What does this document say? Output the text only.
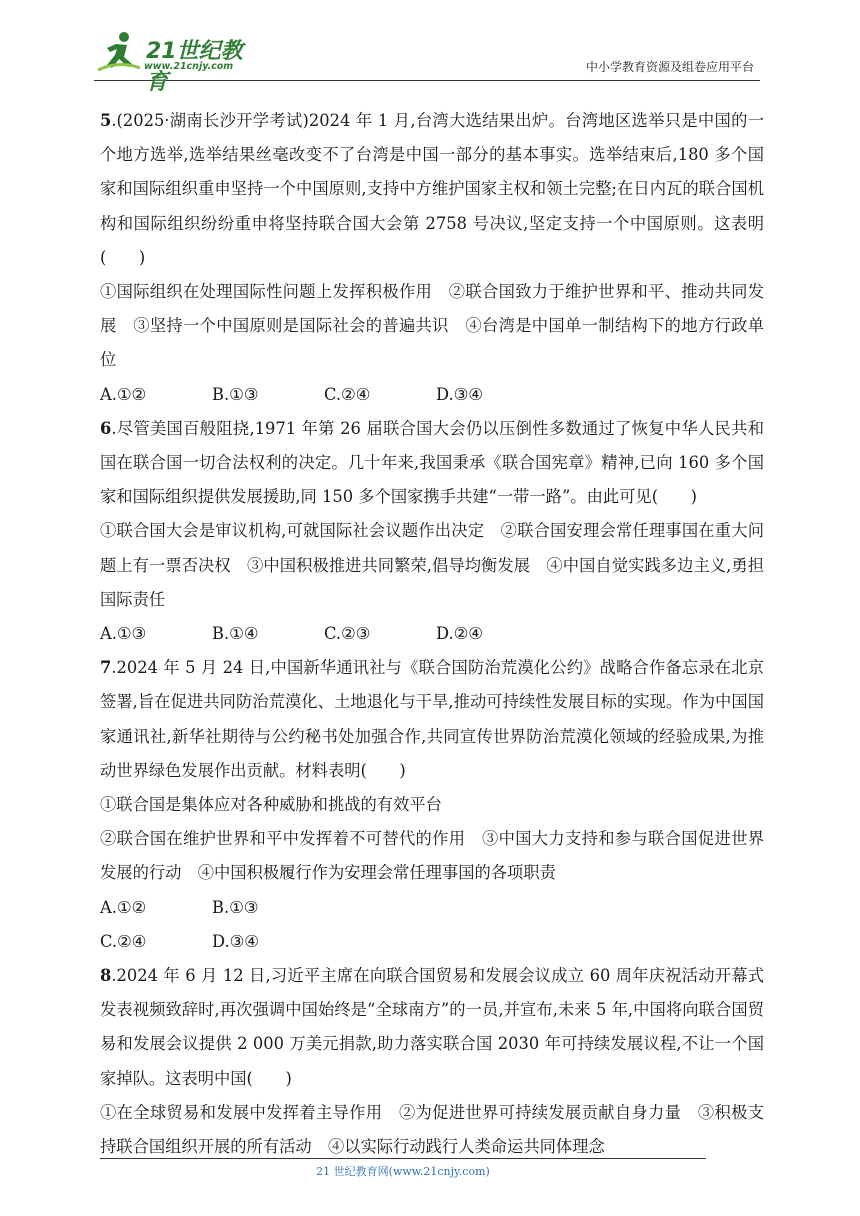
21世纪教育
www.21cnjy.com	中小学教育资源及组卷应用平台

5.(2025·湖南长沙开学考试)2024 年 1 月,台湾大选结果出炉。台湾地区选举只是中国的一个地方选举,选举结果丝毫改变不了台湾是中国一部分的基本事实。选举结束后,180 多个国家和国际组织重申坚持一个中国原则,支持中方维护国家主权和领土完整;在日内瓦的联合国机构和国际组织纷纷重申将坚持联合国大会第 2758 号决议,坚定支持一个中国原则。这表明(　　)

①国际组织在处理国际性问题上发挥积极作用　②联合国致力于维护世界和平、推动共同发展　③坚持一个中国原则是国际社会的普遍共识　④台湾是中国单一制结构下的地方行政单位

A.①②	B.①③	C.②④	D.③④

6.尽管美国百般阻挠,1971 年第 26 届联合国大会仍以压倒性多数通过了恢复中华人民共和国在联合国一切合法权利的决定。几十年来,我国秉承《联合国宪章》精神,已向 160 多个国家和国际组织提供发展援助,同 150 多个国家携手共建“一带一路”。由此可见(　　)

①联合国大会是审议机构,可就国际社会议题作出决定　②联合国安理会常任理事国在重大问题上有一票否决权　③中国积极推进共同繁荣,倡导均衡发展　④中国自觉实践多边主义,勇担国际责任

A.①③	B.①④	C.②③	D.②④

7.2024 年 5 月 24 日,中国新华通讯社与《联合国防治荒漠化公约》战略合作备忘录在北京签署,旨在促进共同防治荒漠化、土地退化与干旱,推动可持续性发展目标的实现。作为中国国家通讯社,新华社期待与公约秘书处加强合作,共同宣传世界防治荒漠化领域的经验成果,为推动世界绿色发展作出贡献。材料表明(　　)

①联合国是集体应对各种威胁和挑战的有效平台

②联合国在维护世界和平中发挥着不可替代的作用　③中国大力支持和参与联合国促进世界发展的行动　④中国积极履行作为安理会常任理事国的各项职责

A.①②	B.①③
C.②④	D.③④

8.2024 年 6 月 12 日,习近平主席在向联合国贸易和发展会议成立 60 周年庆祝活动开幕式发表视频致辞时,再次强调中国始终是“全球南方”的一员,并宣布,未来 5 年,中国将向联合国贸易和发展会议提供 2 000 万美元捐款,助力落实联合国 2030 年可持续发展议程,不让一个国家掉队。这表明中国(　　)

①在全球贸易和发展中发挥着主导作用　②为促进世界可持续发展贡献自身力量　③积极支持联合国组织开展的所有活动　④以实际行动践行人类命运共同体理念

21 世纪教育网(www.21cnjy.com)
